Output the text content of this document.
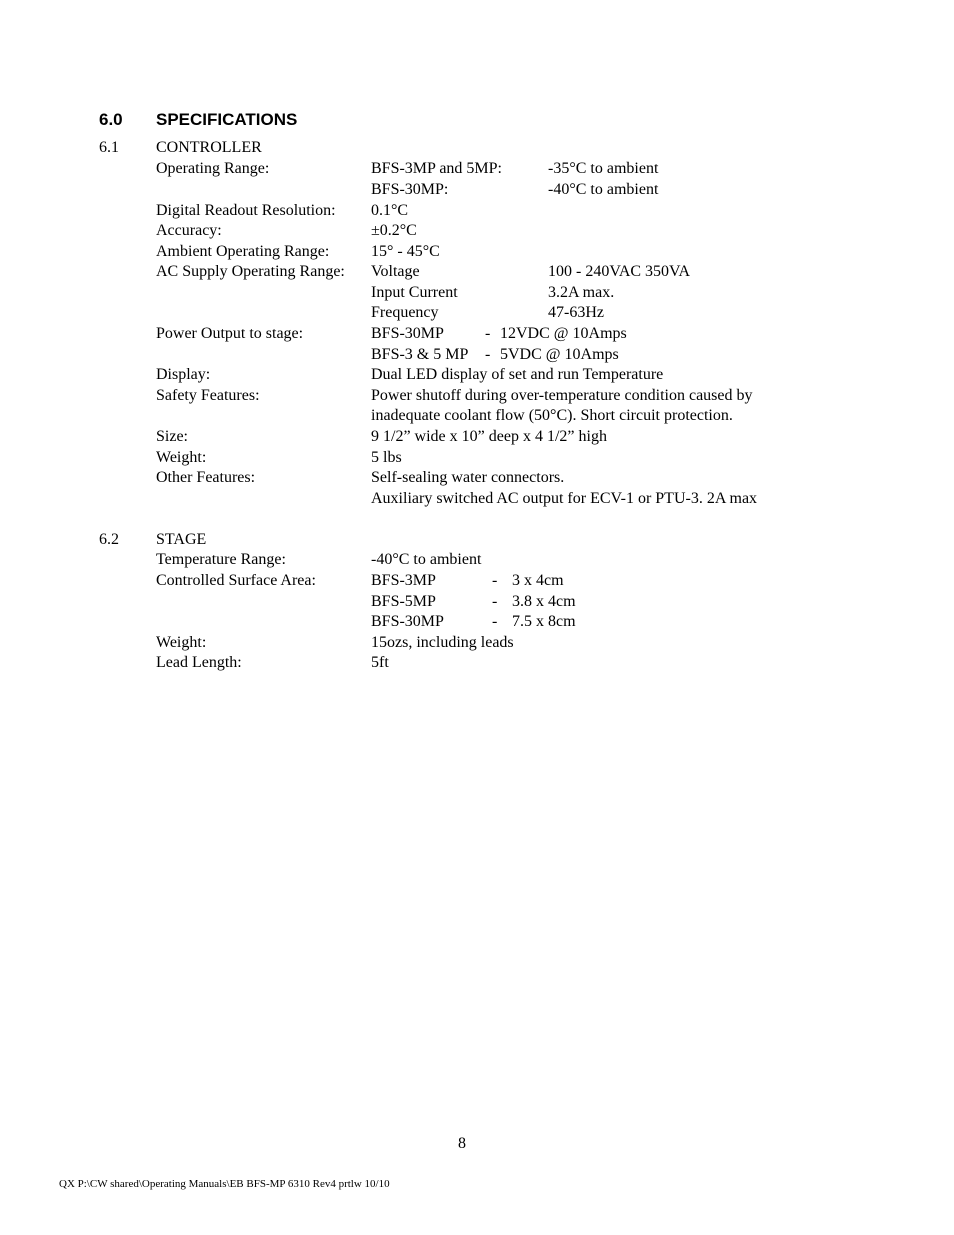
6.0 SPECIFICATIONS
6.1 CONTROLLER
Operating Range:	BFS-3MP and 5MP:	-35°C to ambient
BFS-30MP:	-40°C to ambient
Digital Readout Resolution: 0.1°C
Accuracy:	±0.2°C
Ambient Operating Range:	15° - 45°C
AC Supply Operating Range: Voltage	100 - 240VAC 350VA
Input Current	3.2A max.
Frequency	47-63Hz
Power Output to stage:	BFS-30MP	- 12VDC @ 10Amps
BFS-3 & 5 MP - 5VDC @ 10Amps
Display:	Dual LED display of set and run Temperature
Safety Features:	Power shutoff during over-temperature condition caused by
inadequate coolant flow (50°C). Short circuit protection.
Size:	9 1/2” wide x 10” deep x 4 1/2” high
Weight:	5 lbs
Other Features:	Self-sealing water connectors.
Auxiliary switched AC output for ECV-1 or PTU-3. 2A max
6.2 STAGE
Temperature Range:	-40°C to ambient
Controlled Surface Area:	BFS-3MP	- 3 x 4cm
BFS-5MP	- 3.8 x 4cm
BFS-30MP	- 7.5 x 8cm
Weight:	15ozs, including leads
Lead Length:	5ft
8
QX P:\CW shared\Operating Manuals\EB BFS-MP 6310 Rev4 prtlw 10/10
